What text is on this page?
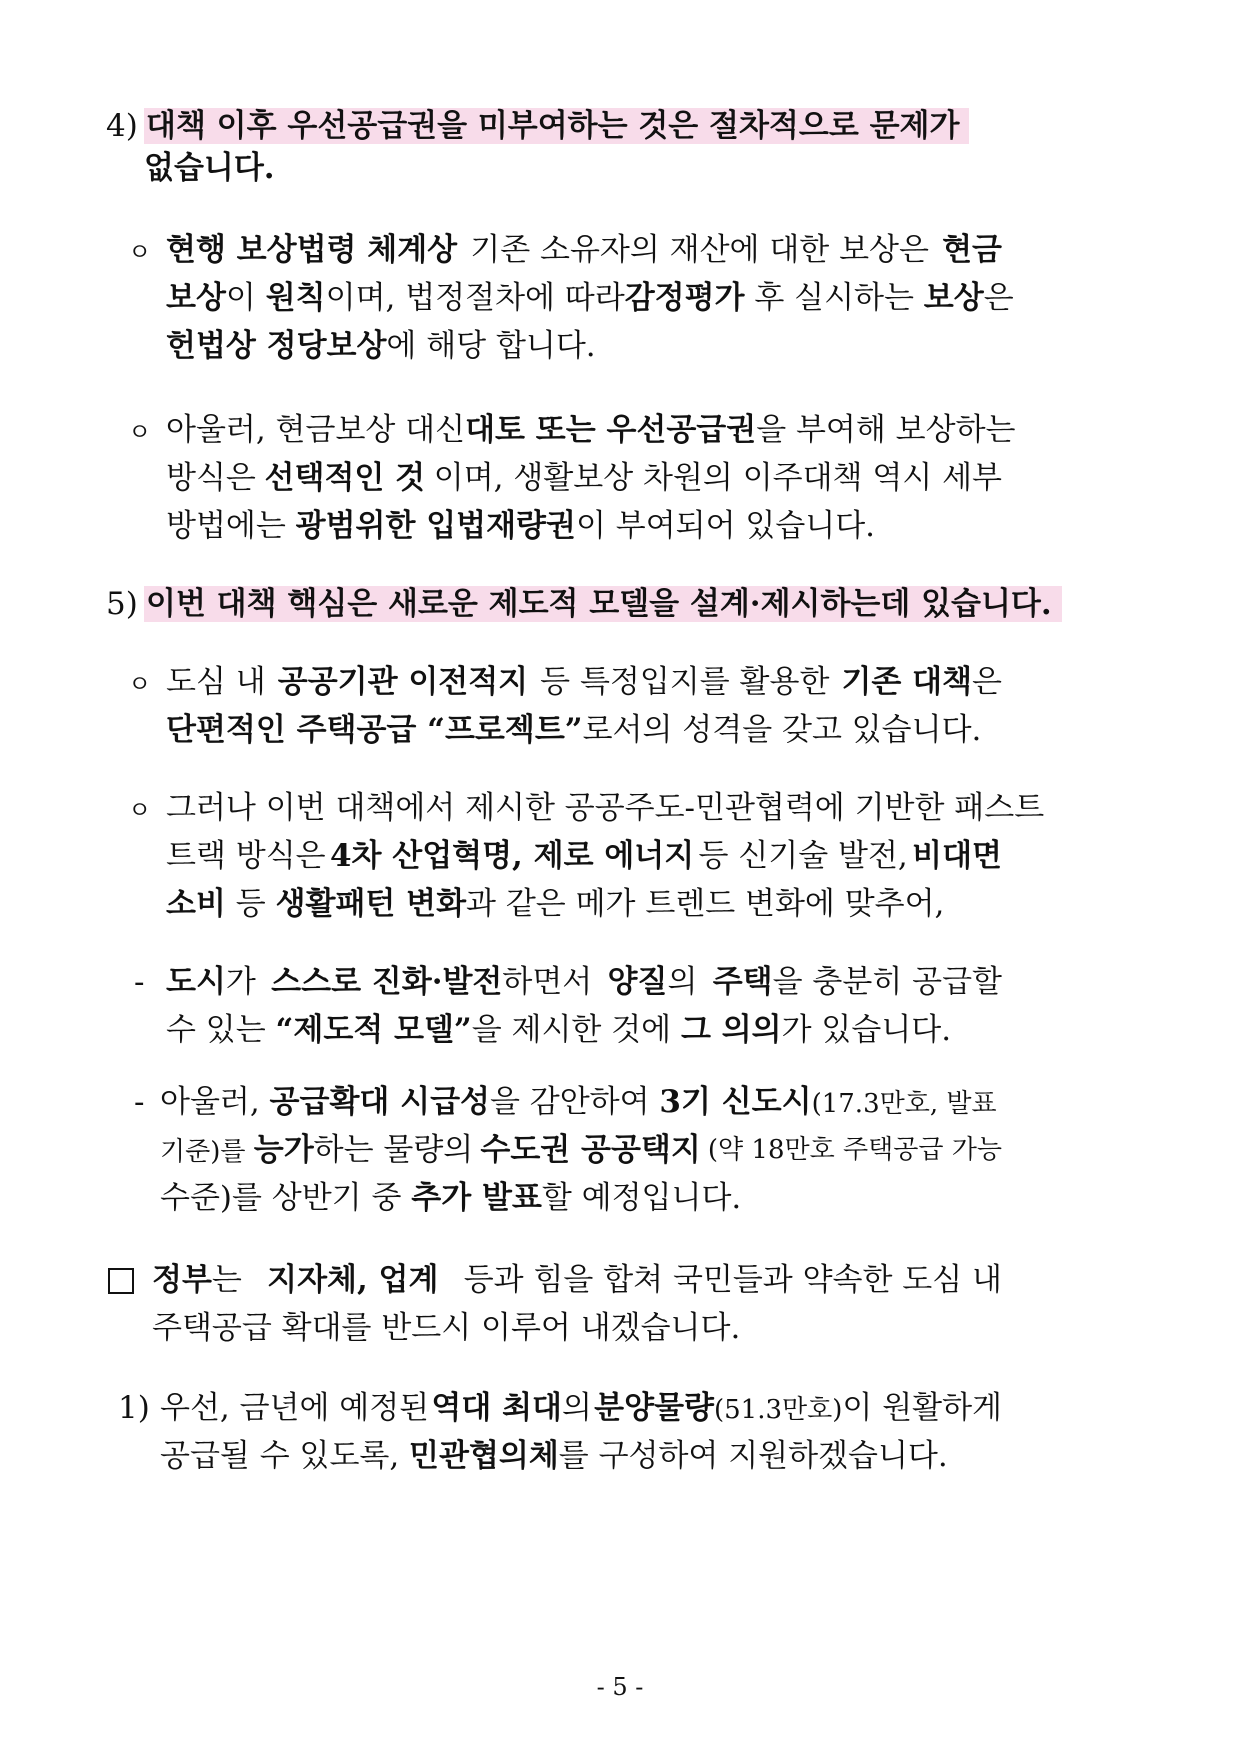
4) 대책 이후 우선공급권을 미부여하는 것은 절차적으로 문제가
없습니다.
ㅇ 현행 보상법령 체계상 기존 소유자의 재산에 대한 보상은 현금
보상이 원칙이며, 법정절차에 따라 감정평가 후 실시하는 보상은
헌법상 정당보상에 해당 합니다.
ㅇ 아울러, 현금보상 대신 대토 또는 우선공급권 을 부여해 보상하는
방식은 선택적인 것 이며, 생활보상 차원의 이주대책 역시 세부
방법에는 광범위한 입법재량권이 부여되어 있습니다.
5) 이번 대책 핵심은 새로운 제도적 모델을 설계·제시하는데 있습니다.
ㅇ 도심 내 공공기관 이전적지 등 특정입지를 활용한 기존 대책은
단편적인 주택공급 “프로젝트”로서의 성격을 갖고 있습니다.
ㅇ 그러나 이번 대책에서 제시한 공공주도-민관협력에 기반한 패스트
트랙 방식은 4차 산업혁명, 제로 에너지 등 신기술 발전, 비대면
소비 등 생활패턴 변화과 같은 메가 트렌드 변화에 맞추어,
- 도시가 스스로 진화·발전하면서 양질의 주택을 충분히 공급할
수 있는 “제도적 모델”을 제시한 것에 그 의의가 있습니다.
- 아울러, 공급확대 시급성을 감안하여 3기 신도시(17.3만호, 발표
기준)를 능가하는 물량의 수도권 공공택지 (약 18만호 주택공급 가능
수준)를 상반기 중 추가 발표할 예정입니다.
정부는 지자체, 업계 등과 힘을 합쳐 국민들과 약속한 도심 내
주택공급 확대를 반드시 이루어 내겠습니다.
1) 우선, 금년에 예정된 역대 최대의 분양물량(51.3만호)이 원활하게
공급될 수 있도록, 민관협의체를 구성하여 지원하겠습니다.
- 5 -
